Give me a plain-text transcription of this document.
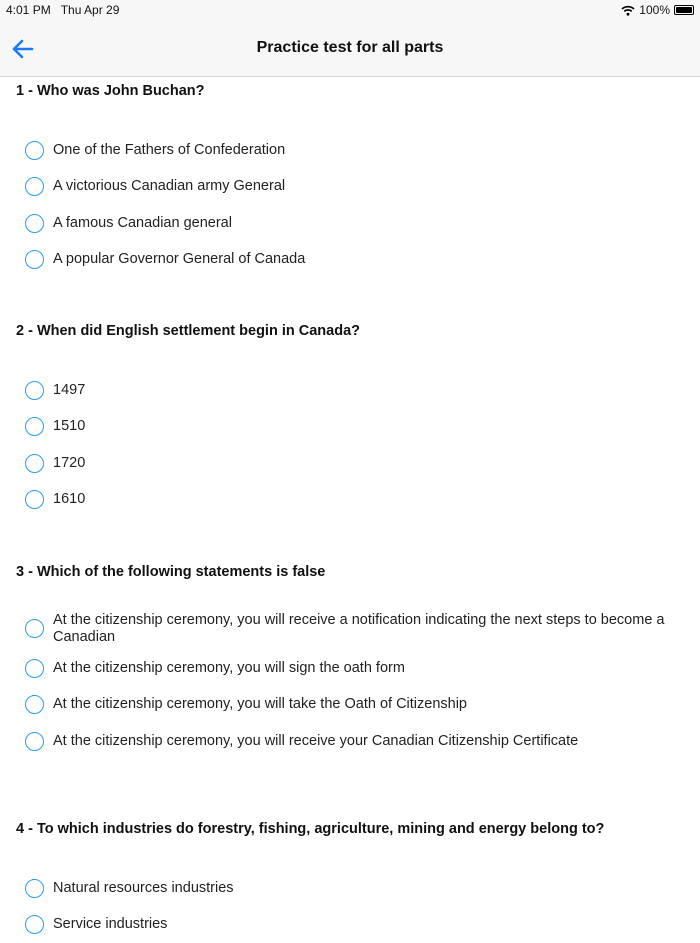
4:01 PM Thu Apr 29	100%
Practice test for all parts
1 - Who was John Buchan?
One of the Fathers of Confederation
A victorious Canadian army General
A famous Canadian general
A popular Governor General of Canada
2 - When did English settlement begin in Canada?
1497
1510
1720
1610
3 - Which of the following statements is false
At the citizenship ceremony, you will receive a notification indicating the next steps to become a Canadian
At the citizenship ceremony, you will sign the oath form
At the citizenship ceremony, you will take the Oath of Citizenship
At the citizenship ceremony, you will receive your Canadian Citizenship Certificate
4 - To which industries do forestry, fishing, agriculture, mining and energy belong to?
Natural resources industries
Service industries
